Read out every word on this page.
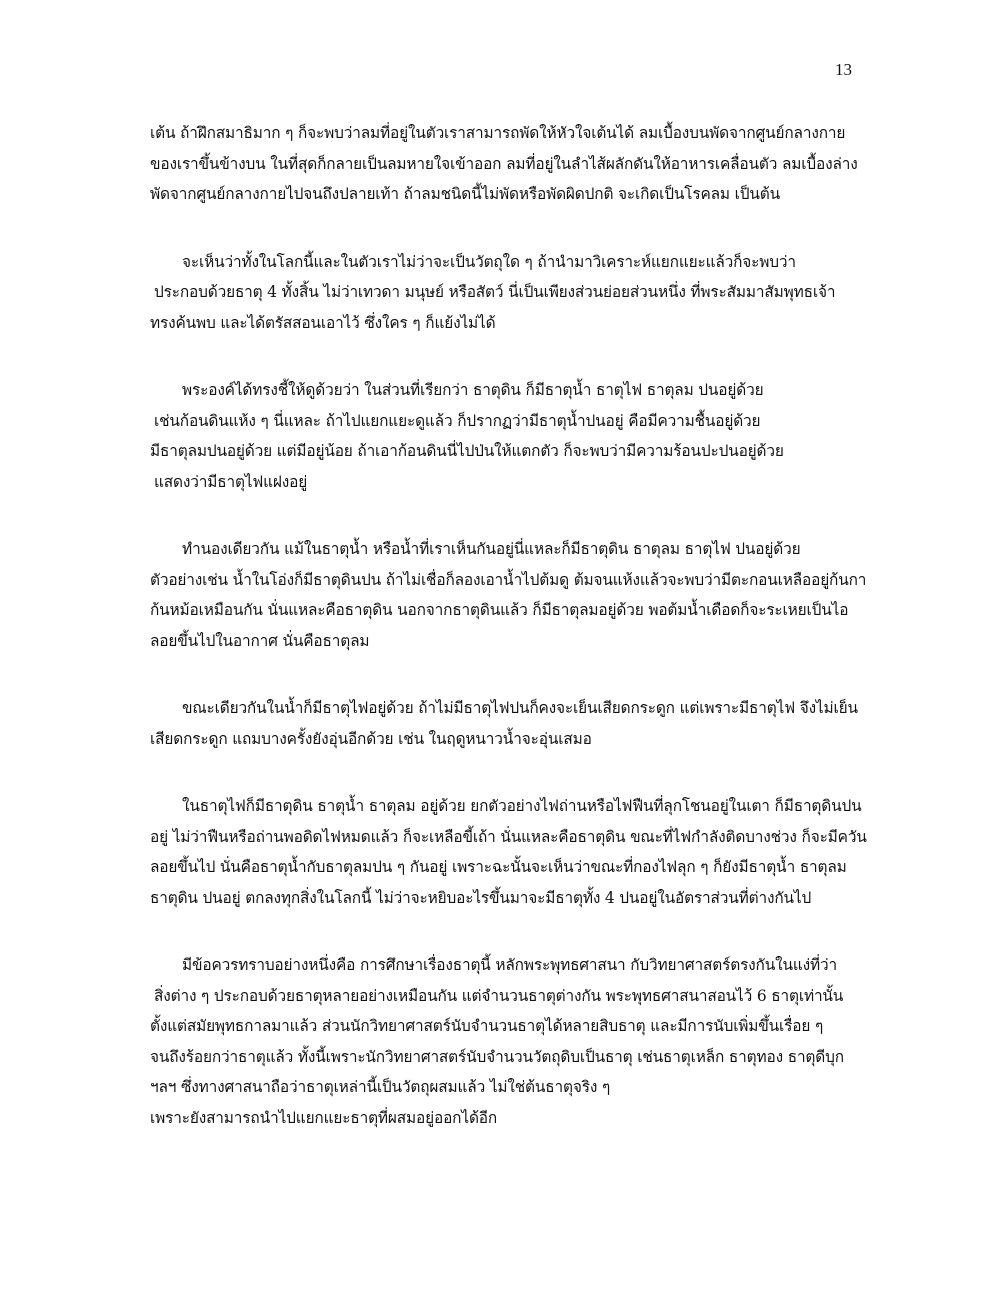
13
เต้น ถ้าฝึกสมาธิมาก ๆ ก็จะพบว่าลมที่อยู่ในตัวเราสามารถพัดให้หัวใจเต้นได้ ลมเบื้องบนพัดจากศูนย์กลางกาย
ของเราขึ้นข้างบน ในที่สุดก็กลายเป็นลมหายใจเข้าออก ลมที่อยู่ในลำไส้ผลักดันให้อาหารเคลื่อนตัว ลมเบื้องล่าง
พัดจากศูนย์กลางกายไปจนถึงปลายเท้า ถ้าลมชนิดนี้ไม่พัดหรือพัดผิดปกติ จะเกิดเป็นโรคลม เป็นต้น
จะเห็นว่าทั้งในโลกนี้และในตัวเราไม่ว่าจะเป็นวัตถุใด ๆ ถ้านำมาวิเคราะห์แยกแยะแล้วก็จะพบว่า
ประกอบด้วยธาตุ 4 ทั้งสิ้น ไม่ว่าเทวดา มนุษย์ หรือสัตว์ นี่เป็นเพียงส่วนย่อยส่วนหนึ่ง ที่พระสัมมาสัมพุทธเจ้า
ทรงค้นพบ และได้ตรัสสอนเอาไว้ ซึ่งใคร ๆ ก็แย้งไม่ได้
พระองค์ได้ทรงชี้ให้ดูด้วยว่า ในส่วนที่เรียกว่า ธาตุดิน ก็มีธาตุน้ำ ธาตุไฟ ธาตุลม ปนอยู่ด้วย
เช่นก้อนดินแห้ง ๆ นี่แหละ ถ้าไปแยกแยะดูแล้ว ก็ปรากฏว่ามีธาตุน้ำปนอยู่ คือมีความชื้นอยู่ด้วย
มีธาตุลมปนอยู่ด้วย แต่มีอยู่น้อย ถ้าเอาก้อนดินนี่ไปป่นให้แตกตัว ก็จะพบว่ามีความร้อนปะปนอยู่ด้วย
แสดงว่ามีธาตุไฟแฝงอยู่
ทำนองเดียวกัน แม้ในธาตุน้ำ หรือน้ำที่เราเห็นกันอยู่นี่แหละก็มีธาตุดิน ธาตุลม ธาตุไฟ ปนอยู่ด้วย
ตัวอย่างเช่น น้ำในโอ่งก็มีธาตุดินปน ถ้าไม่เชื่อก็ลองเอาน้ำไปต้มดู ต้มจนแห้งแล้วจะพบว่ามีตะกอนเหลืออยู่ก้นกา
ก้นหม้อเหมือนกัน นั่นแหละคือธาตุดิน นอกจากธาตุดินแล้ว ก็มีธาตุลมอยู่ด้วย พอต้มน้ำเดือดก็จะระเหยเป็นไอ
ลอยขึ้นไปในอากาศ นั่นคือธาตุลม
ขณะเดียวกันในน้ำก็มีธาตุไฟอยู่ด้วย ถ้าไม่มีธาตุไฟปนก็คงจะเย็นเสียดกระดูก แต่เพราะมีธาตุไฟ จึงไม่เย็น
เสียดกระดูก แถมบางครั้งยังอุ่นอีกด้วย เช่น ในฤดูหนาวน้ำจะอุ่นเสมอ
ในธาตุไฟก็มีธาตุดิน ธาตุน้ำ ธาตุลม อยู่ด้วย ยกตัวอย่างไฟถ่านหรือไฟฟืนที่ลุกโชนอยู่ในเตา ก็มีธาตุดินปน
อยู่ ไม่ว่าฟืนหรือถ่านพอดิดไฟหมดแล้ว ก็จะเหลือขี้เถ้า นั่นแหละคือธาตุดิน ขณะที่ไฟกำลังติดบางช่วง ก็จะมีควัน
ลอยขึ้นไป นั่นคือธาตุน้ำกับธาตุลมปน ๆ กันอยู่ เพราะฉะนั้นจะเห็นว่าขณะที่กองไฟลุก ๆ ก็ยังมีธาตุน้ำ ธาตุลม
ธาตุดิน ปนอยู่ ตกลงทุกสิ่งในโลกนี้ ไม่ว่าจะหยิบอะไรขึ้นมาจะมีธาตุทั้ง 4 ปนอยู่ในอัตราส่วนที่ต่างกันไป
มีข้อควรทราบอย่างหนึ่งคือ การศึกษาเรื่องธาตุนี้ หลักพระพุทธศาสนา กับวิทยาศาสตร์ตรงกันในแง่ที่ว่า
สิ่งต่าง ๆ ประกอบด้วยธาตุหลายอย่างเหมือนกัน แต่จำนวนธาตุต่างกัน พระพุทธศาสนาสอนไว้ 6 ธาตุเท่านั้น
ตั้งแต่สมัยพุทธกาลมาแล้ว ส่วนนักวิทยาศาสตร์นับจำนวนธาตุได้หลายสิบธาตุ และมีการนับเพิ่มขึ้นเรื่อย ๆ
จนถึงร้อยกว่าธาตุแล้ว ทั้งนี้เพราะนักวิทยาศาสตร์นับจำนวนวัตถุดิบเป็นธาตุ เช่นธาตุเหล็ก ธาตุทอง ธาตุดีบุก
ฯลฯ ซึ่งทางศาสนาถือว่าธาตุเหล่านี้เป็นวัตถุผสมแล้ว ไม่ใช่ต้นธาตุจริง ๆ
เพราะยังสามารถนำไปแยกแยะธาตุที่ผสมอยู่ออกได้อีก
